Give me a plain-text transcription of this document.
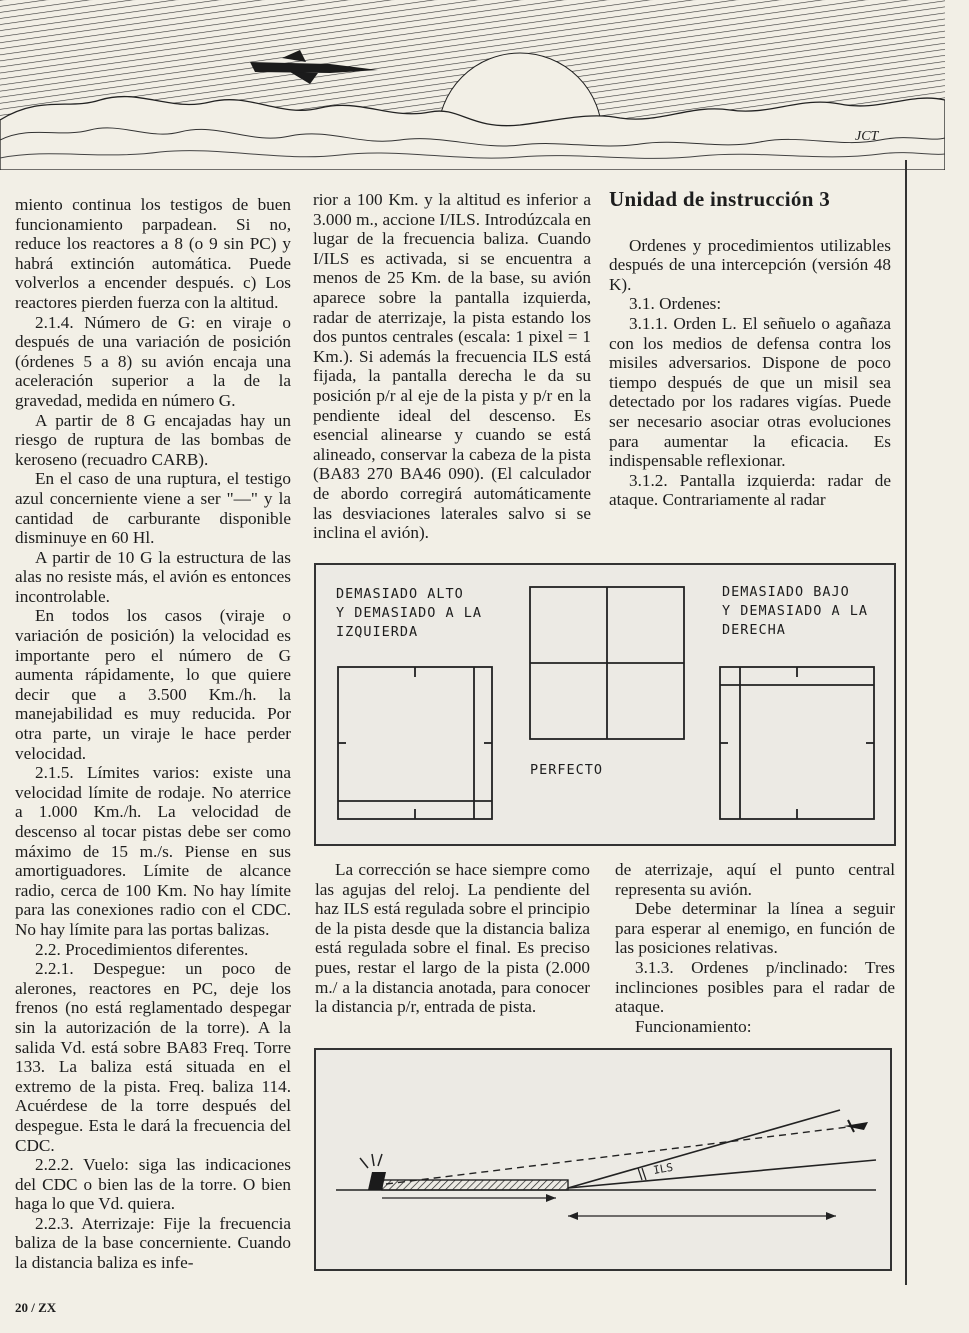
JCT

miento continua los testigos de buen funcionamiento parpadean. Si no, reduce los reactores a 8 (o 9 sin PC) y habrá extinción automática. Puede volverlos a encender después. c) Los reactores pierden fuerza con la altitud.

2.1.4. Número de G: en viraje o después de una variación de posición (órdenes 5 a 8) su avión encaja una aceleración superior a la de la gravedad, medida en número G.

A partir de 8 G encajadas hay un riesgo de ruptura de las bombas de keroseno (recuadro CARB).

En el caso de una ruptura, el testigo azul concerniente viene a ser "—" y la cantidad de carburante disponible disminuye en 60 Hl.

A partir de 10 G la estructura de las alas no resiste más, el avión es entonces incontrolable.

En todos los casos (viraje o variación de posición) la velocidad es importante pero el número de G aumenta rápidamente, lo que quiere decir que a 3.500 Km./h. la manejabilidad es muy reducida. Por otra parte, un viraje le hace perder velocidad.

2.1.5. Límites varios: existe una velocidad límite de rodaje. No aterrice a 1.000 Km./h. La velocidad de descenso al tocar pistas debe ser como máximo de 15 m./s. Piense en sus amortiguadores. Límite de alcance radio, cerca de 100 Km. No hay límite para las conexiones radio con el CDC. No hay límite para las portas balizas.

2.2. Procedimientos diferentes.

2.2.1. Despegue: un poco de alerones, reactores en PC, deje los frenos (no está reglamentado despegar sin la autorización de la torre). A la salida Vd. está sobre BA83 Freq. Torre 133. La baliza está situada en el extremo de la pista. Freq. baliza 114. Acuérdese de la torre después del despegue. Esta le dará la frecuencia del CDC.

2.2.2. Vuelo: siga las indicaciones del CDC o bien las de la torre. O bien haga lo que Vd. quiera.

2.2.3. Aterrizaje: Fije la frecuencia baliza de la base concerniente. Cuando la distancia baliza es infe-

rior a 100 Km. y la altitud es inferior a 3.000 m., accione I/ILS. Introdúzcala en lugar de la frecuencia baliza. Cuando I/ILS es activada, si se encuentra a menos de 25 Km. de la base, su avión aparece sobre la pantalla izquierda, radar de aterrizaje, la pista estando los dos puntos centrales (escala: 1 pixel = 1 Km.). Si además la frecuencia ILS está fijada, la pantalla derecha le da su posición p/r al eje de la pista y p/r en la pendiente ideal del descenso. Es esencial alinearse y cuando se está alineado, conservar la cabeza de la pista (BA83 270 BA46 090). (El calculador de abordo corregirá automáticamente las desviaciones laterales salvo si se inclina el avión).

Unidad de instrucción 3

Ordenes y procedimientos utilizables después de una intercepción (versión 48 K).

3.1. Ordenes:

3.1.1. Orden L. El señuelo o agañaza con los medios de defensa contra los misiles adversarios. Dispone de poco tiempo después de que un misil sea detectado por los radares vigías. Puede ser necesario asociar otras evoluciones para aumentar la eficacia. Es indispensable reflexionar.

3.1.2. Pantalla izquierda: radar de ataque. Contrariamente al radar

DEMASIADO ALTO
Y DEMASIADO A LA
IZQUIERDA
DEMASIADO BAJO
Y DEMASIADO A LA
DERECHA
PERFECTO

La corrección se hace siempre como las agujas del reloj. La pendiente del haz ILS está regulada sobre el principio de la pista desde que la distancia baliza está regulada sobre el final. Es preciso pues, restar el largo de la pista (2.000 m./ a la distancia anotada, para conocer la distancia p/r, entrada de pista.

de aterrizaje, aquí el punto central representa su avión.

Debe determinar la línea a seguir para esperar al enemigo, en función de las posiciones relativas.

3.1.3. Ordenes p/inclinado: Tres inclinciones posibles para el radar de ataque.

Funcionamiento:

ILS
20 / ZX
